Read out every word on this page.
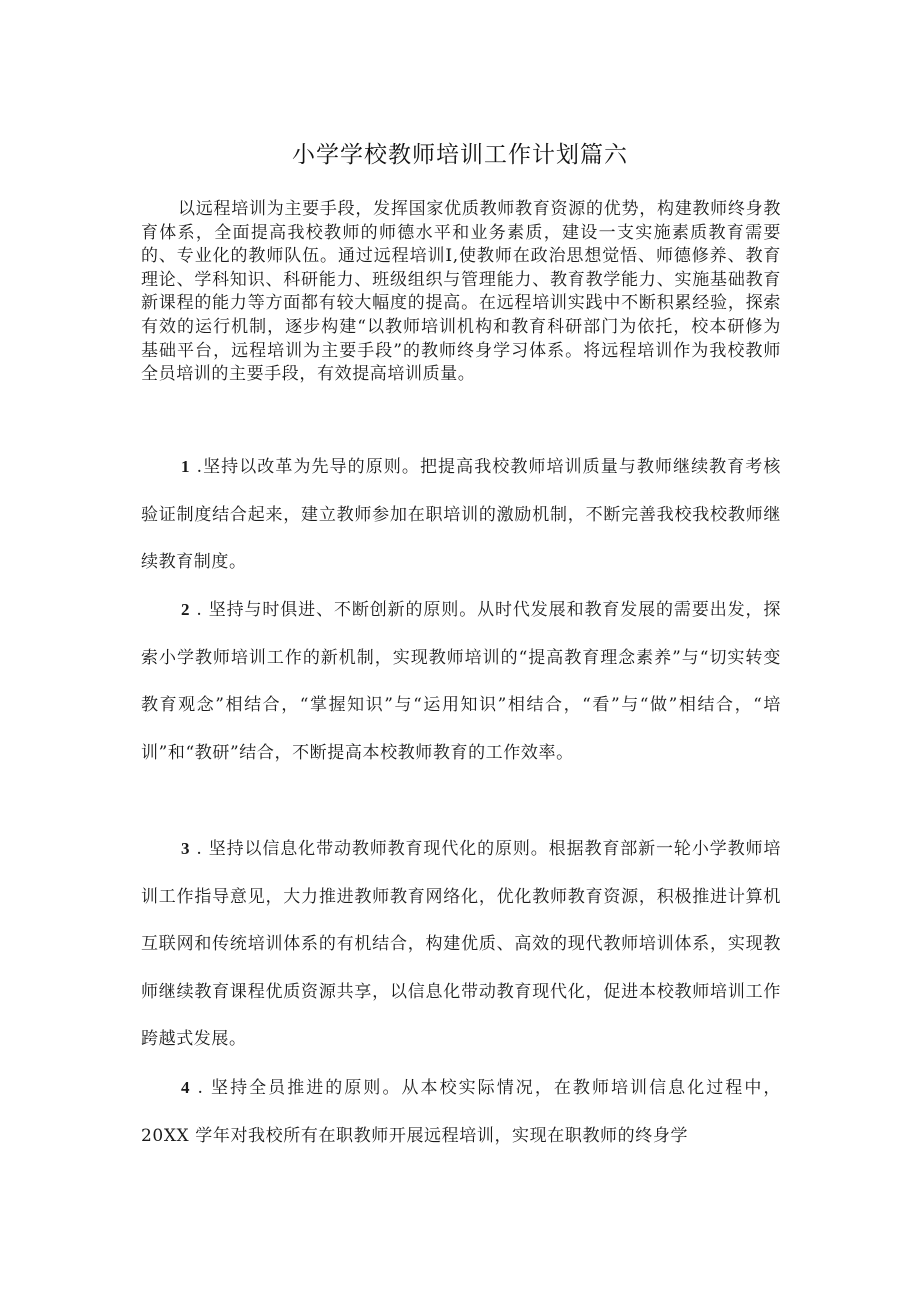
小学学校教师培训工作计划篇六

以远程培训为主要手段，发挥国家优质教师教育资源的优势，构建教师终身教育体系，全面提高我校教师的师德水平和业务素质，建设一支实施素质教育需要的、专业化的教师队伍。通过远程培训I,使教师在政治思想觉悟、师德修养、教育理论、学科知识、科研能力、班级组织与管理能力、教育教学能力、实施基础教育新课程的能力等方面都有较大幅度的提高。在远程培训实践中不断积累经验，探索有效的运行机制，逐步构建“以教师培训机构和教育科研部门为依托，校本研修为基础平台，远程培训为主要手段”的教师终身学习体系。将远程培训作为我校教师全员培训的主要手段，有效提高培训质量。

1 .坚持以改革为先导的原则。把提高我校教师培训质量与教师继续教育考核验证制度结合起来，建立教师参加在职培训的激励机制，不断完善我校我校教师继续教育制度。

2 . 坚持与时俱进、不断创新的原则。从时代发展和教育发展的需要出发，探索小学教师培训工作的新机制，实现教师培训的“提高教育理念素养”与“切实转变教育观念”相结合，“掌握知识”与“运用知识”相结合，“看”与“做”相结合，“培训”和“教研”结合，不断提高本校教师教育的工作效率。

3 . 坚持以信息化带动教师教育现代化的原则。根据教育部新一轮小学教师培训工作指导意见，大力推进教师教育网络化，优化教师教育资源，积极推进计算机互联网和传统培训体系的有机结合，构建优质、高效的现代教师培训体系，实现教师继续教育课程优质资源共享，以信息化带动教育现代化，促进本校教师培训工作跨越式发展。

4 . 坚持全员推进的原则。从本校实际情况，在教师培训信息化过程中，20XX 学年对我校所有在职教师开展远程培训，实现在职教师的终身学
